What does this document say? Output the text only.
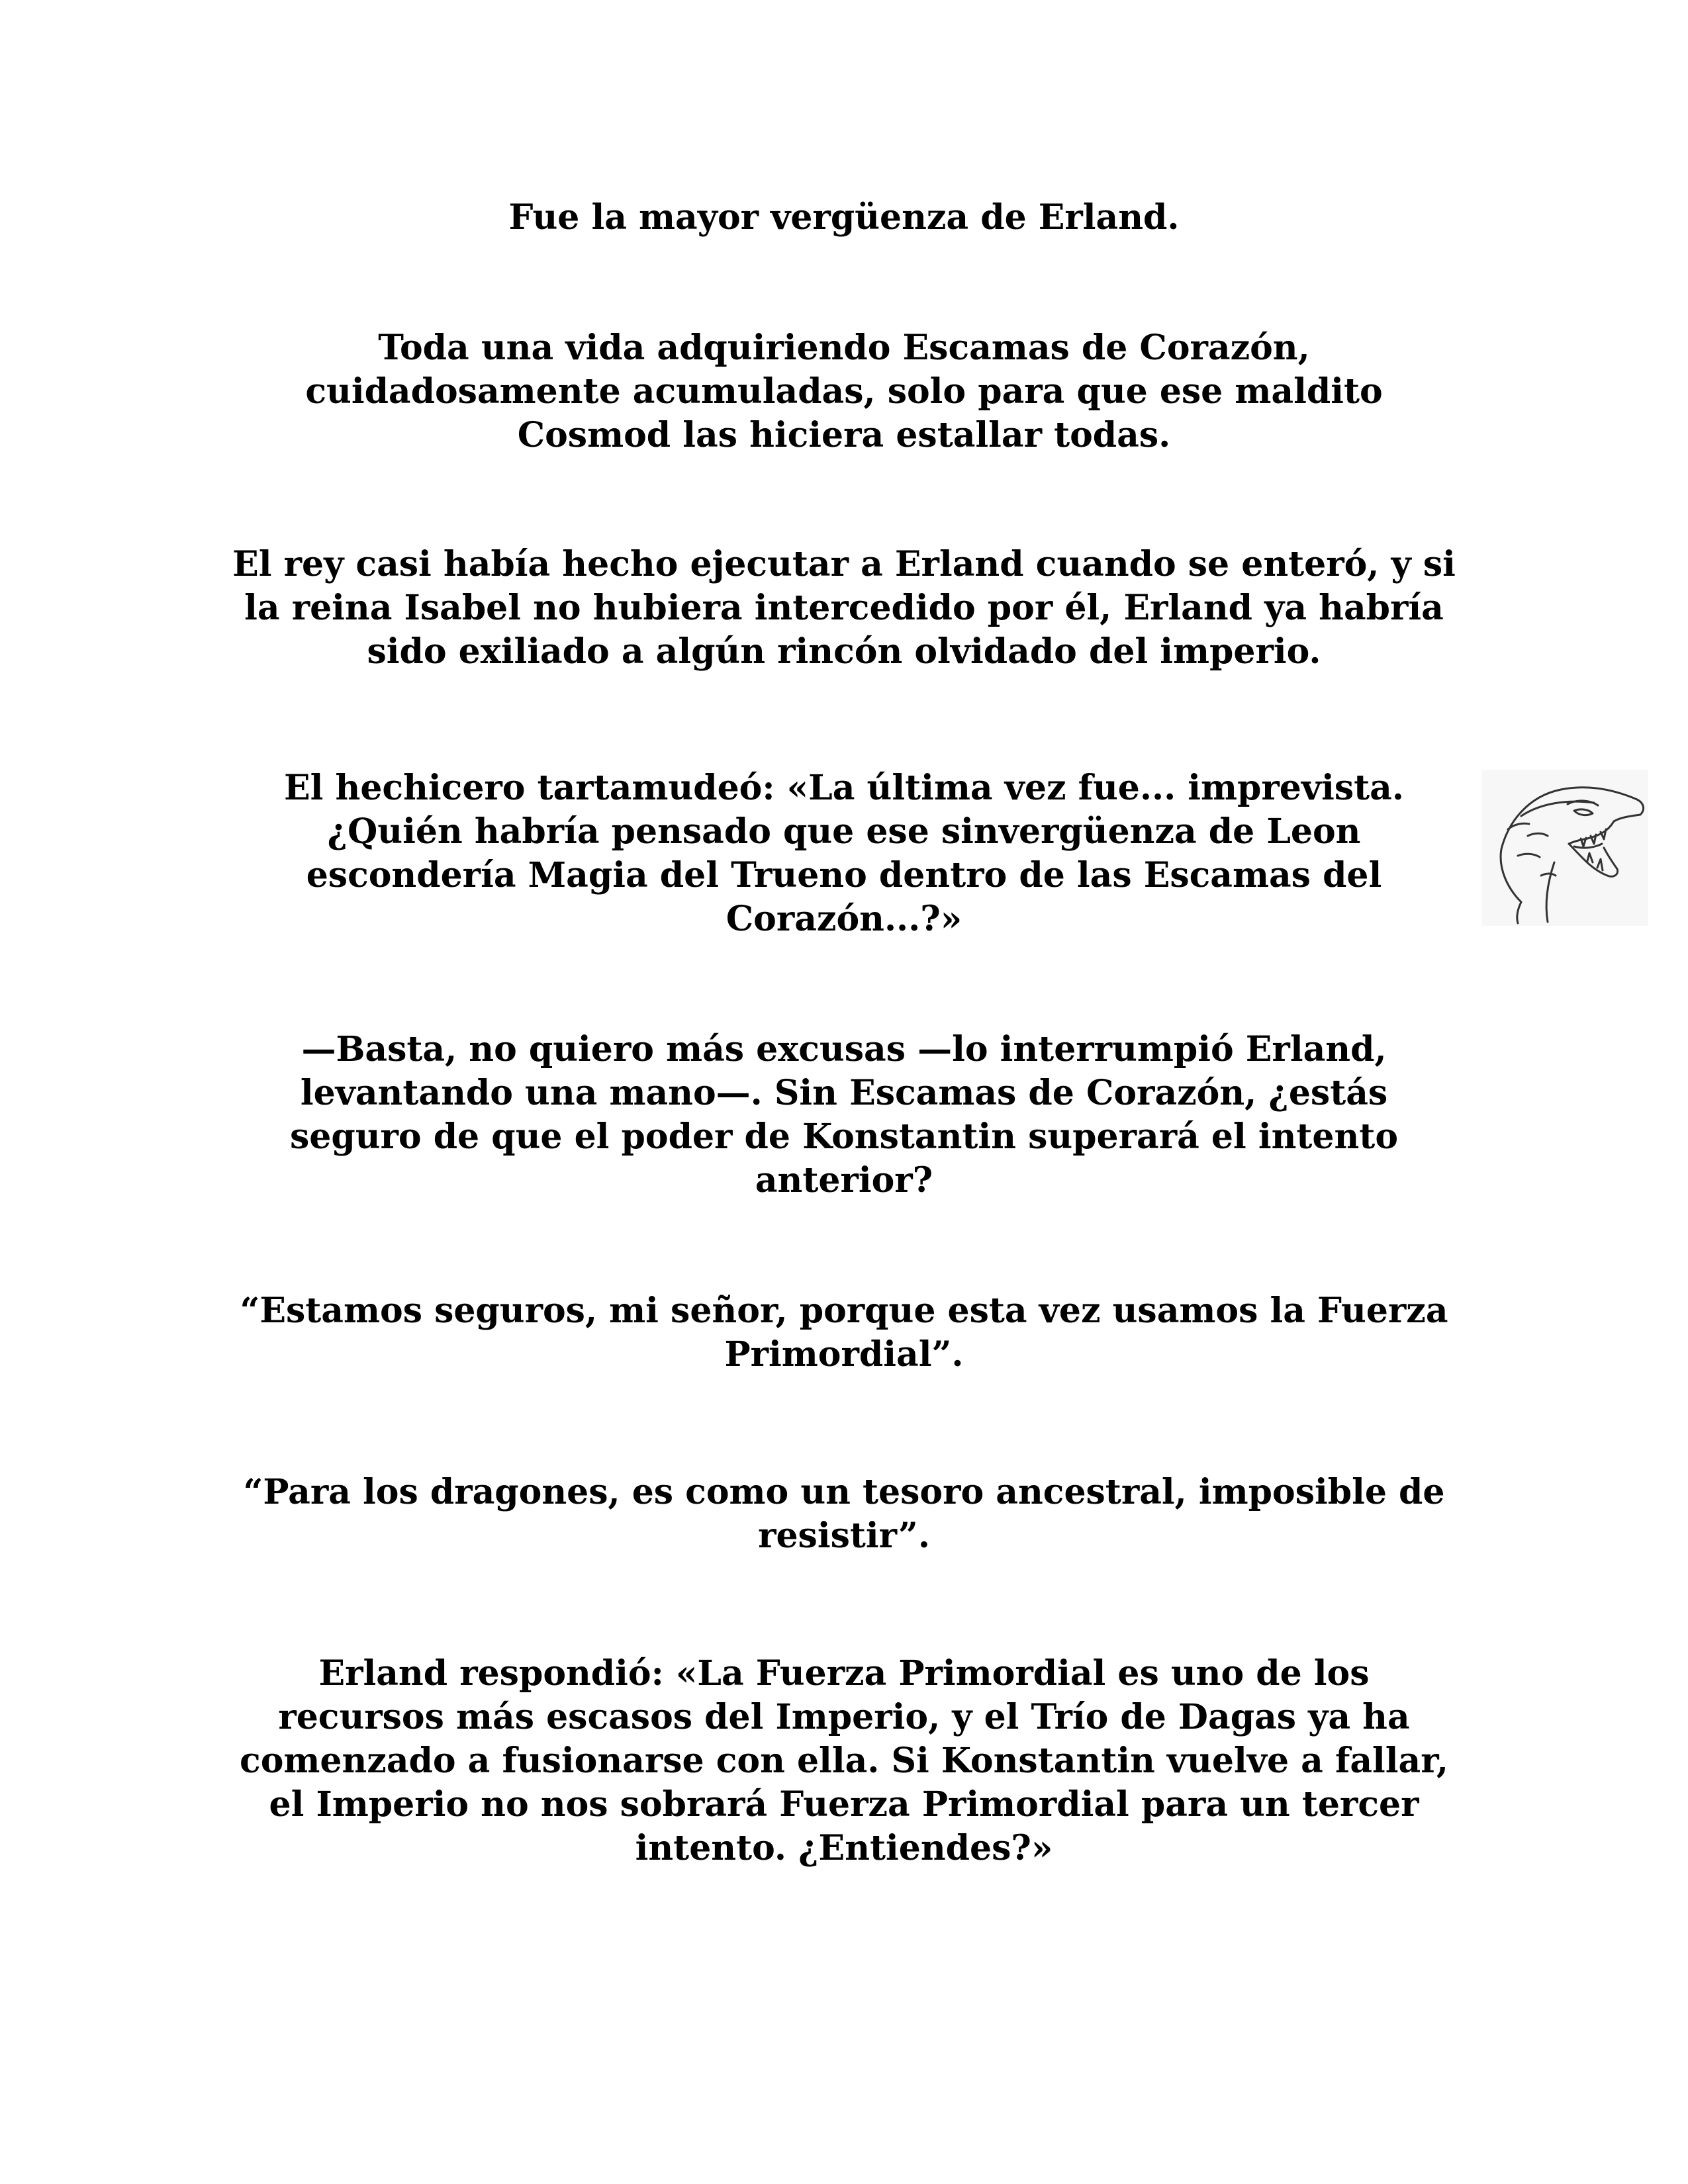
Fue la mayor vergüenza de Erland.

Toda una vida adquiriendo Escamas de Corazón,
cuidadosamente acumuladas, solo para que ese maldito
Cosmod las hiciera estallar todas.

El rey casi había hecho ejecutar a Erland cuando se enteró, y si
la reina Isabel no hubiera intercedido por él, Erland ya habría
sido exiliado a algún rincón olvidado del imperio.

El hechicero tartamudeó: «La última vez fue... imprevista.
¿Quién habría pensado que ese sinvergüenza de Leon
escondería Magia del Trueno dentro de las Escamas del
Corazón...?»

—Basta, no quiero más excusas —lo interrumpió Erland,
levantando una mano—. Sin Escamas de Corazón, ¿estás
seguro de que el poder de Konstantin superará el intento
anterior?

“Estamos seguros, mi señor, porque esta vez usamos la Fuerza
Primordial”.

“Para los dragones, es como un tesoro ancestral, imposible de
resistir”.

Erland respondió: «La Fuerza Primordial es uno de los
recursos más escasos del Imperio, y el Trío de Dagas ya ha
comenzado a fusionarse con ella. Si Konstantin vuelve a fallar,
el Imperio no nos sobrará Fuerza Primordial para un tercer
intento. ¿Entiendes?»
